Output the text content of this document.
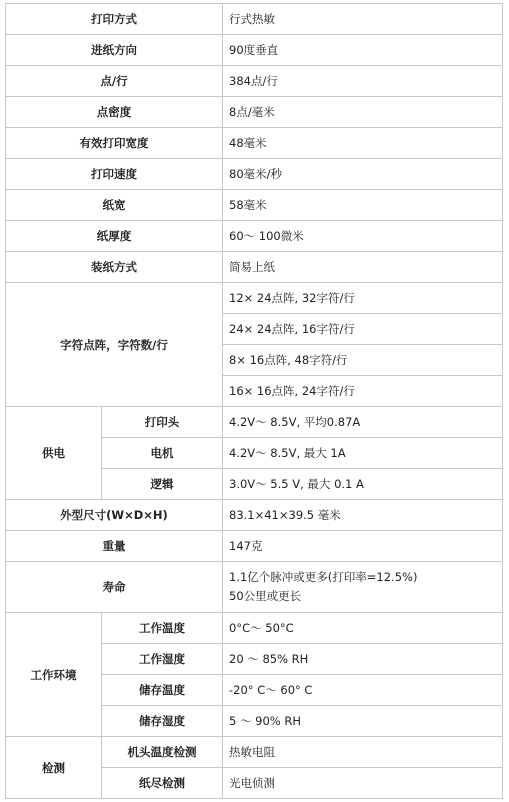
打印方式		行式热敏
进纸方向		90度垂直
点/行		384点/行
点密度		8点/毫米
有效打印宽度		48毫米
打印速度		80毫米/秒
纸宽		58毫米
纸厚度		60～ 100微米
装纸方式		简易上纸
字符点阵，字符数/行		12× 24点阵, 32字符/行
		24× 24点阵, 16字符/行
		8× 16点阵, 48字符/行
		16× 16点阵, 24字符/行
供电	打印头	4.2V～ 8.5V, 平均0.87A
	电机	4.2V～ 8.5V, 最大 1A
	逻辑	3.0V～ 5.5 V, 最大 0.1 A
外型尺寸(W×D×H)		83.1×41×39.5 毫米
重量		147克
寿命		1.1亿个脉冲或更多(打印率=12.5%)
50公里或更长

工作环境	工作温度	0°C～ 50°C
	工作湿度	20 ～ 85% RH
	储存温度	-20° C～ 60° C
	储存湿度	5 ～ 90% RH
检测	机头温度检测	热敏电阻
	纸尽检测	光电侦测
